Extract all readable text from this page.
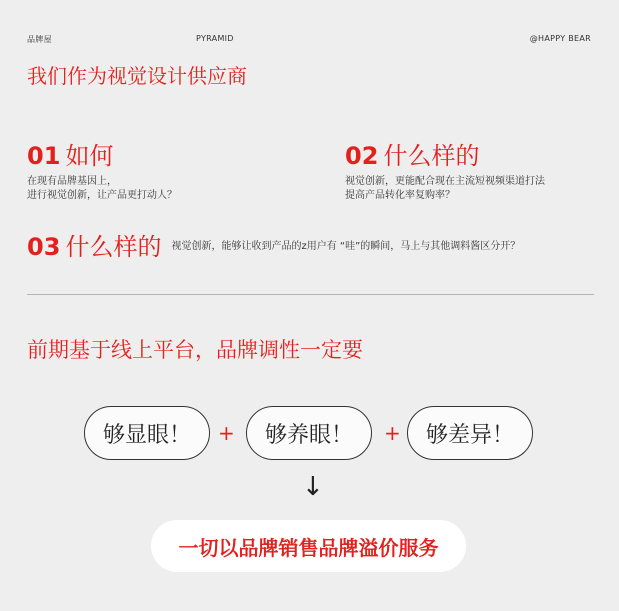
品牌屋	PYRAMID	@HAPPY BEAR
我们作为视觉设计供应商
01 如何
在现有品牌基因上，
进行视觉创新，让产品更打动人？
02 什么样的
视觉创新，更能配合现在主流短视频渠道打法
提高产品转化率复购率？
03 什么样的 视觉创新，能够让收到产品的z用户有 “哇”的瞬间，马上与其他调料酱区分开？
前期基于线上平台，品牌调性一定要
够显眼！	+	够养眼！	+	够差异！
↓
一切以品牌销售品牌溢价服务
